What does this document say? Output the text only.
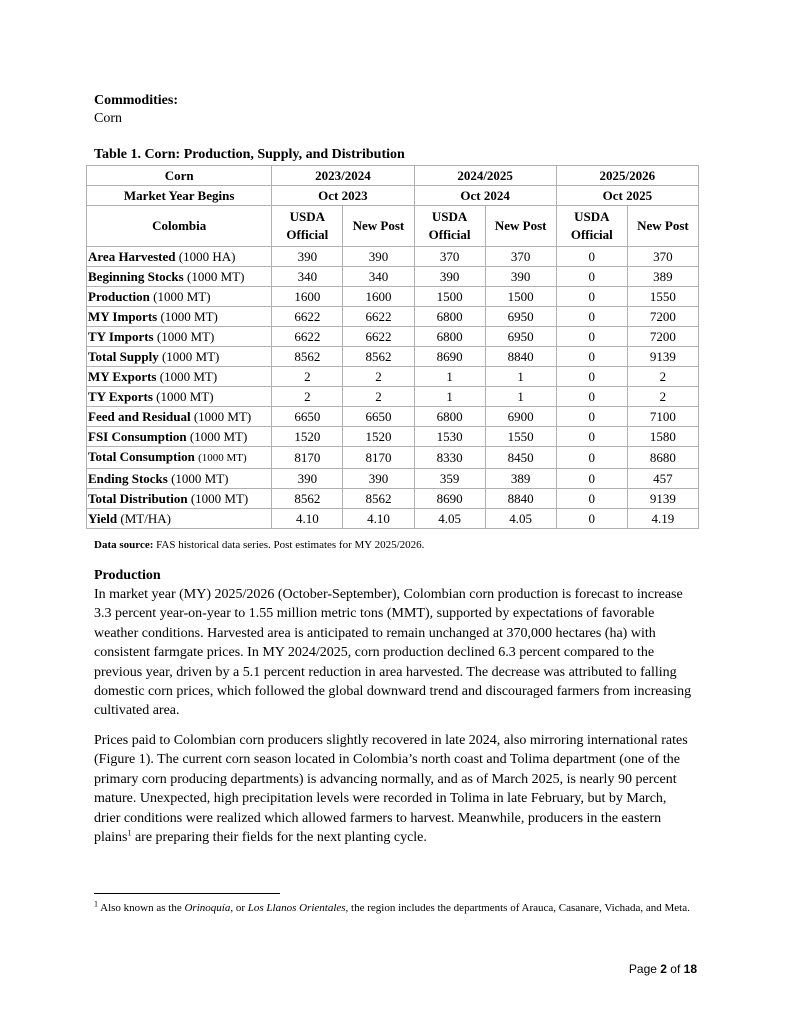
Commodities:
Corn
Table 1. Corn: Production, Supply, and Distribution
Corn	2023/2024		2024/2025		2025/2026	
Market Year Begins	Oct 2023		Oct 2024		Oct 2025	
Colombia	USDA Official	New Post	USDA Official	New Post	USDA Official	New Post
Area Harvested (1000 HA)	390	390	370	370	0	370
Beginning Stocks (1000 MT)	340	340	390	390	0	389
Production (1000 MT)	1600	1600	1500	1500	0	1550
MY Imports (1000 MT)	6622	6622	6800	6950	0	7200
TY Imports (1000 MT)	6622	6622	6800	6950	0	7200
Total Supply (1000 MT)	8562	8562	8690	8840	0	9139
MY Exports (1000 MT)	2	2	1	1	0	2
TY Exports (1000 MT)	2	2	1	1	0	2
Feed and Residual (1000 MT)	6650	6650	6800	6900	0	7100
FSI Consumption (1000 MT)	1520	1520	1530	1550	0	1580
Total Consumption (1000 MT)	8170	8170	8330	8450	0	8680
Ending Stocks (1000 MT)	390	390	359	389	0	457
Total Distribution (1000 MT)	8562	8562	8690	8840	0	9139
Yield (MT/HA)	4.10	4.10	4.05	4.05	0	4.19
Data source: FAS historical data series. Post estimates for MY 2025/2026.
Production

In market year (MY) 2025/2026 (October-September), Colombian corn production is forecast to increase 3.3 percent year-on-year to 1.55 million metric tons (MMT), supported by expectations of favorable weather conditions. Harvested area is anticipated to remain unchanged at 370,000 hectares (ha) with consistent farmgate prices. In MY 2024/2025, corn production declined 6.3 percent compared to the previous year, driven by a 5.1 percent reduction in area harvested. The decrease was attributed to falling domestic corn prices, which followed the global downward trend and discouraged farmers from increasing cultivated area.

Prices paid to Colombian corn producers slightly recovered in late 2024, also mirroring international rates (Figure 1). The current corn season located in Colombia’s north coast and Tolima department (one of the primary corn producing departments) is advancing normally, and as of March 2025, is nearly 90 percent mature. Unexpected, high precipitation levels were recorded in Tolima in late February, but by March, drier conditions were realized which allowed farmers to harvest. Meanwhile, producers in the eastern plains$^1$ are preparing their fields for the next planting cycle.

$^1$ Also known as the Orinoquía, or Los Llanos Orientales, the region includes the departments of Arauca, Casanare, Vichada, and Meta.
Page 2 of 18
